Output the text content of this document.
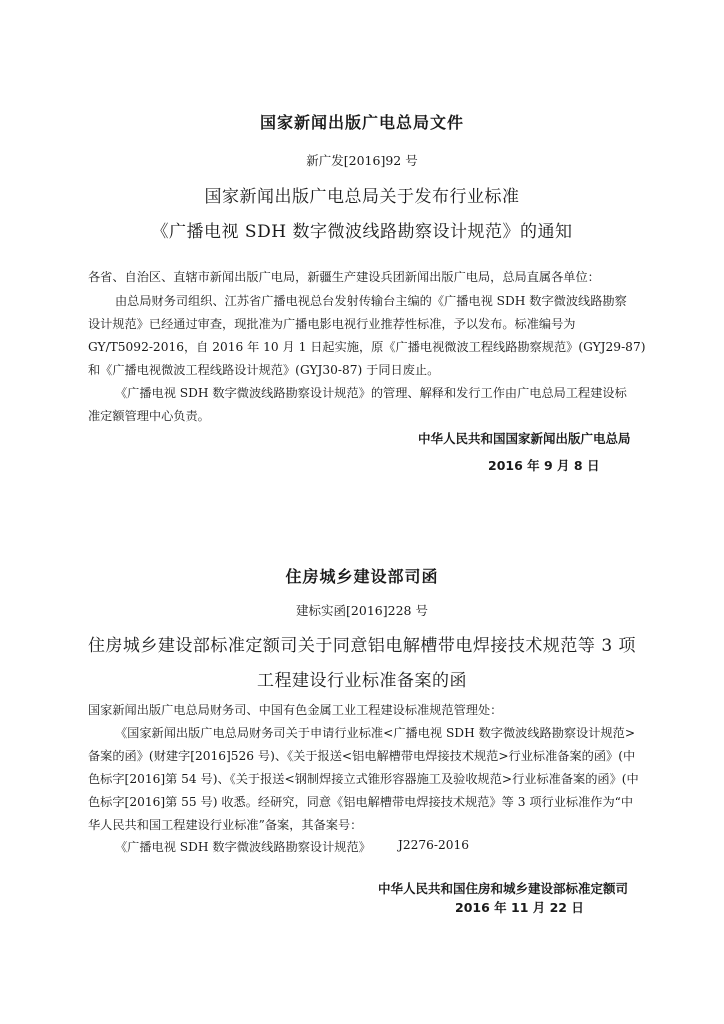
国家新闻出版广电总局文件
新广发[2016]92 号
国家新闻出版广电总局关于发布行业标准
《广播电视 SDH 数字微波线路勘察设计规范》的通知
各省、自治区、直辖市新闻出版广电局，新疆生产建设兵团新闻出版广电局，总局直属各单位：
由总局财务司组织、江苏省广播电视总台发射传输台主编的《广播电视 SDH 数字微波线路勘察
设计规范》已经通过审查，现批准为广播电影电视行业推荐性标准，予以发布。标准编号为
GY/T5092-2016，自 2016 年 10 月 1 日起实施，原《广播电视微波工程线路勘察规范》(GYJ29-87)
和《广播电视微波工程线路设计规范》(GYJ30-87) 于同日废止。
《广播电视 SDH 数字微波线路勘察设计规范》的管理、解释和发行工作由广电总局工程建设标
准定额管理中心负责。
中华人民共和国国家新闻出版广电总局
2016 年 9 月 8 日
住房城乡建设部司函
建标实函[2016]228 号
住房城乡建设部标准定额司关于同意铝电解槽带电焊接技术规范等 3 项
工程建设行业标准备案的函
国家新闻出版广电总局财务司、中国有色金属工业工程建设标准规范管理处：
《国家新闻出版广电总局财务司关于申请行业标准<广播电视 SDH 数字微波线路勘察设计规范>
备案的函》(财建字[2016]526 号)、《关于报送<铝电解槽带电焊接技术规范>行业标准备案的函》(中
色标字[2016]第 54 号)、《关于报送<钢制焊接立式锥形容器施工及验收规范>行业标准备案的函》(中
色标字[2016]第 55 号) 收悉。经研究，同意《铝电解槽带电焊接技术规范》等 3 项行业标准作为“中
华人民共和国工程建设行业标准”备案，其备案号：
《广播电视 SDH 数字微波线路勘察设计规范》 J2276-2016
中华人民共和国住房和城乡建设部标准定额司
2016 年 11 月 22 日
